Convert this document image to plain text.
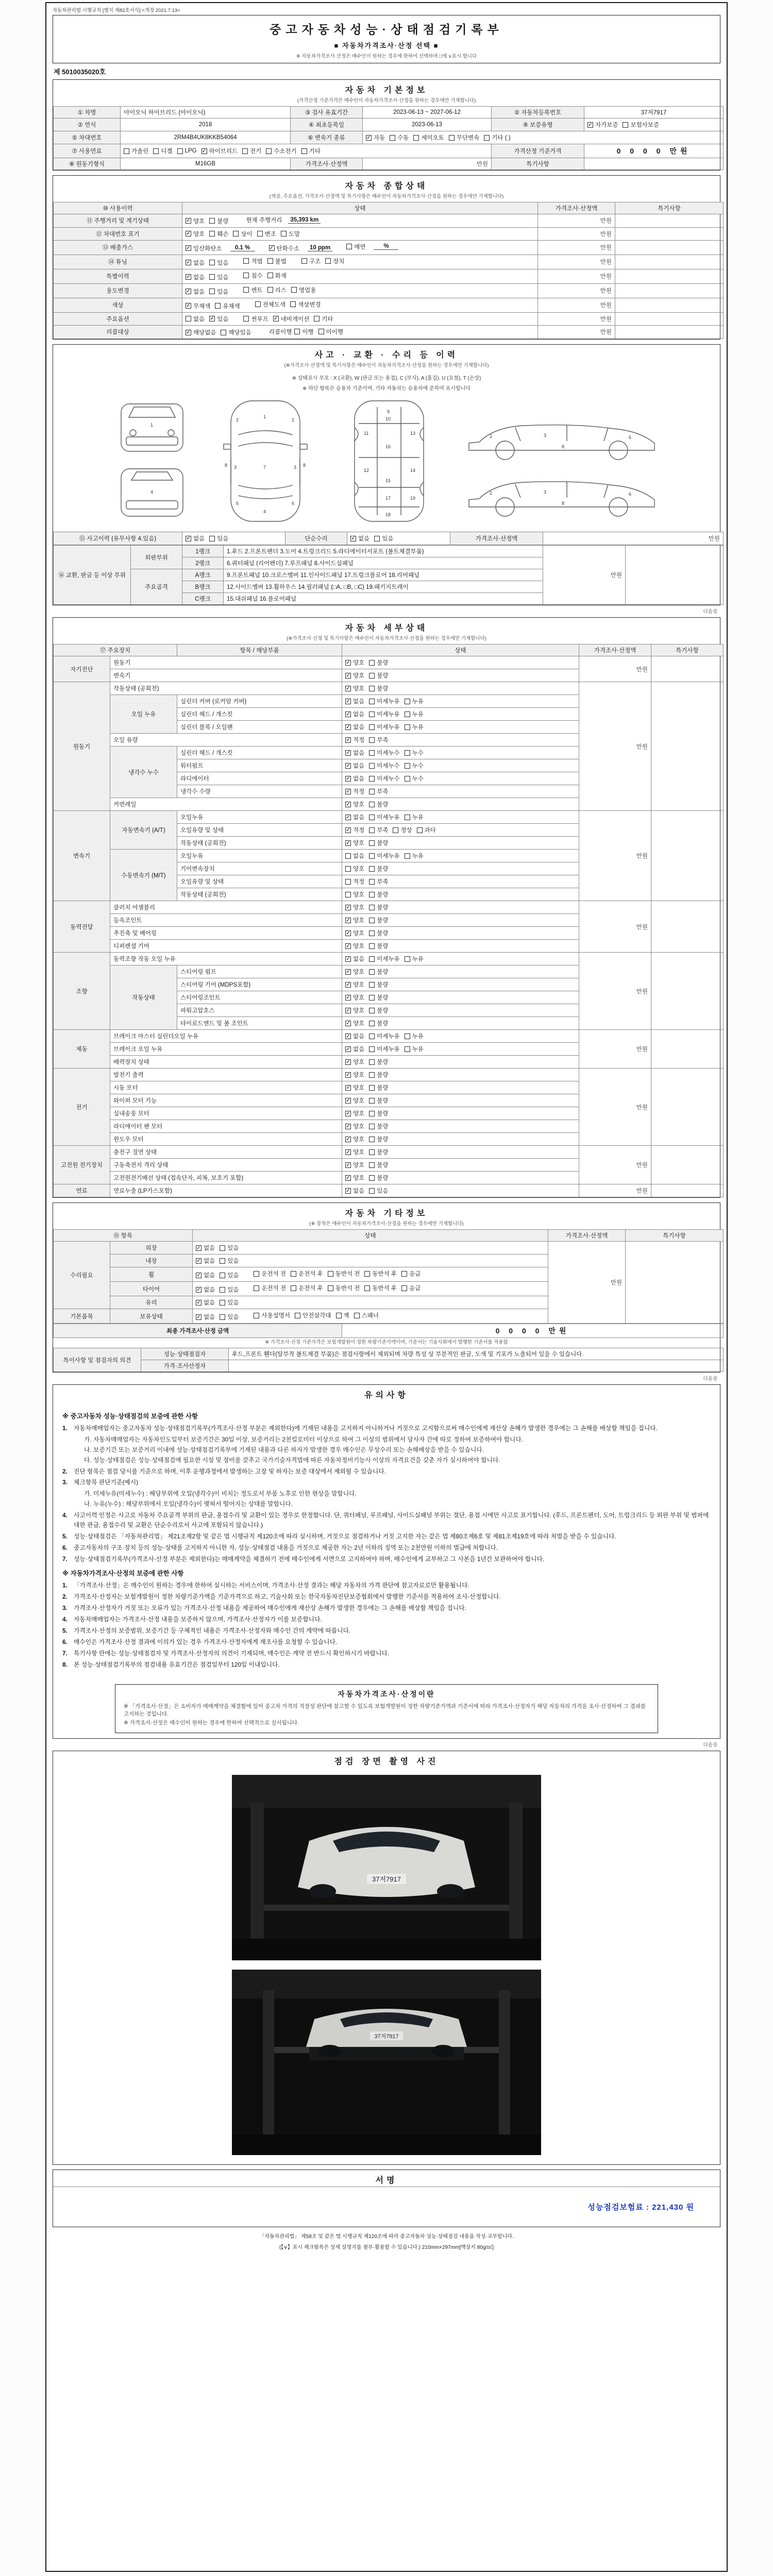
자동차관리법 시행규칙 [별지 제82호서식] <개정 2021.7.13>
중고자동차성능·상태점검기록부
■ 자동차가격조사·산정 선택 ■
※ 자동차가격조사·산정은 매수인이 원하는 경우에 한하여 선택하며 □에 ∨표시 합니다
제 5010035020호
자동차 기본정보
(가격산정 기준가격은 매수인이 자동차가격조사·산정을 원하는 경우에만 기재합니다)
① 차명	아이오닉 하이브리드 (아이오닉)	③ 검사 유효기간	2023-06-13 ~ 2027-06-12	② 자동차등록번호	37저7917
② 연식	2018	④ 최초등록일	2023-06-13	⑨ 보증유형	✓ 자가보증 보험사보증

⑤ 차대번호	2RM4B4UK8KKB54064	⑥ 변속기 종류	✓ 자동 수동 세미오토 무단변속 기타 ( )

⑦ 사용연료	가솔린 디젤 LPG ✓ 하이브리드 전기 수소전기 기타	가격산정 기준가격	0 0 0 0 만원
⑧ 원동기형식	M16GB	가격조사·산정액	만원	특기사항	
자동차 종합상태
(색상, 주요옵션, 가격조사·산정액 및 특기사항은 매수인이 자동차가격조사·산정을 원하는 경우에만 기재합니다)
⑩ 사용이력	상태	가격조사·산정액	특기사항
⑪ 주행거리 및 계기상태	✓ 양호 불량 현재 주행거리 35,393 km	만원	
⑫ 차대번호 표기	✓ 양호 훼손 상이 변조 도말	만원	
⑬ 배출가스	✓ 일산화탄소	0.1 %	✓ 탄화수소	10 ppm	매연	%	만원	
⑭ 튜닝	✓ 없음 있음	적법 불법	구조 장치	만원	
특별이력	✓ 없음 있음 침수 화재	만원	
용도변경	✓ 없음 있음	렌트 리스 영업용	만원	
색상	✓ 무채색 유채색 전체도색 색상변경	만원	
주요옵션	없음 ✓ 있음	썬루프 ✓ 네비게이션 기타	만원	
리콜대상	✓ 해당없음 해당있음	리콜이행 이행 미이행	만원	
사고 · 교환 · 수리 등 이력
(※가격조사·산정액 및 특기사항은 매수인이 자동차가격조사·산정을 원하는 경우에만 기재합니다)
※ 상태표시 부호 : X (교환), W (판금 또는 용접), C (부식), A (흠집), U (요철), T (손상)
※ 하단 항목은 승용차 기준이며, 기타 자동차는 승용차에 준하여 표시합니다
1
4
1
7
4
2	2
3	3
6	6
8	8
9
10
11	13
16
12	14
15
17
18
19
2	3	6
8
2	3	6
8
⑮ 사고이력 (유무사항 4.있음)	✓ 없음 있음	단순수리	✓ 없음 있음	가격조사·산정액	만원
⑯ 교환, 판금 등 이상 부위	외판부위	1랭크	1.후드 2.프론트펜더 3.도어 4.트렁크리드 5.라디에이터서포트 (볼트체결부품)	만원	
		2랭크	6.쿼터패널 (리어펜더) 7.루프패널 8.사이드실패널		
	주요골격	A랭크	9.프론트패널 10.크로스멤버 11.인사이드패널 17.트렁크플로어 18.리어패널		
		B랭크	12.사이드멤버 13.휠하우스 14.필러패널 (□A, □B, □C) 19.패키지트레이		
		C랭크	15.대쉬패널 16.플로어패널		
다음장
자동차 세부상태
(※가격조사·산정 및 특기사항은 매수인이 자동차가격조사·산정을 원하는 경우에만 기재합니다)
⑰ 주요장치		항목 / 해당부품	상태	가격조사·산정액	특기사항
자기진단	원동기		✓ 양호 불량	만원	
	변속기		✓ 양호 불량		

원동기	작동상태 (공회전)		✓ 양호 불량	만원	
	오일 누유	실린더 커버 (로커암 커버)	✓ 없음 미세누유 누유		

		실린더 헤드 / 개스킷	✓ 없음 미세누유 누유		

		실린더 블록 / 오일팬	✓ 없음 미세누유 누유		

	오일 유량		✓ 적정 부족		

	냉각수 누수	실린더 헤드 / 개스킷	✓ 없음 미세누수 누수		

		워터펌프	✓ 없음 미세누수 누수		

		라디에이터	✓ 없음 미세누수 누수		

		냉각수 수량	✓ 적정 부족		

	커먼레일		✓ 양호 불량		

변속기	자동변속기 (A/T)	오일누유	✓ 없음 미세누유 누유	만원	
		오일유량 및 상태	✓ 적정 부족 정상 과다		

		작동상태 (공회전)	✓ 양호 불량		

	수동변속기 (M/T)	오일누유	없음 미세누유 누유		

		기어변속장치	양호 불량		

		오일유량 및 상태	적정 부족		

		작동상태 (공회전)	양호 불량		

동력전달	클러치 어셈블리		✓ 양호 불량	만원	
	등속조인트		✓ 양호 불량		

	추진축 및 베어링		✓ 양호 불량		

	디퍼렌셜 기어		✓ 양호 불량		

조향	동력조향 작동 오일 누유		✓ 없음 미세누유 누유	만원	
	작동상태	스티어링 펌프	✓ 양호 불량		

		스티어링 기어 (MDPS포함)	✓ 양호 불량		

		스티어링조인트	✓ 양호 불량		

		파워고압호스	✓ 양호 불량		

		타이로드엔드 및 볼 조인트	✓ 양호 불량		

제동	브레이크 마스터 실린더오일 누유		✓ 없음 미세누유 누유	만원	
	브레이크 오일 누유		✓ 없음 미세누유 누유		

	배력장치 상태		✓ 양호 불량		

전기	발전기 출력		✓ 양호 불량	만원	
	시동 모터		✓ 양호 불량		

	와이퍼 모터 기능		✓ 양호 불량		

	실내송풍 모터		✓ 양호 불량		

	라디에이터 팬 모터		✓ 양호 불량		

	윈도우 모터		✓ 양호 불량		

고전원 전기장치	충전구 절연 상태		✓ 양호 불량	만원	
	구동축전지 격리 상태		✓ 양호 불량		

	고전원전기배선 상태 (접속단자, 피복, 보호기 포함)		✓ 양호 불량		

연료	연료누출 (LP가스포함)		✓ 없음 있음	만원	
자동차 기타정보
(※ 장착은 매수인이 자동차가격조사·산정을 원하는 경우에만 기재합니다)
⑱ 항목		상태	가격조사·산정액	특기사항
수리필요	외장	✓ 없음 있음	만원	
	내장	✓ 없음 있음		

휠	✓ 없음 있음	운전석 전 운전석 후 동반석 전 동반석 후 응급

타이어	✓ 없음 있음	운전석 전 운전석 후 동반석 전 동반석 후 응급

	유리	✓ 없음 있음		

기본품목	보유상태	✓ 없음 있음	사용설명서 안전삼각대 잭 스패너
최종 가격조사·산정 금액	0 0 0 0 만원
※ 가격조사·산정 기준가격은 보험개발원이 정한 차량기준가액이며, 기준서는 기술사회에서 발행한 기준서를 적용함
특이사항 및 점검자의 의견	성능·상태점검자	후드,프론트 휀다(탈부착 볼트체결 부품)은 점검사항에서 제외되며 차량 특성 상 부분적인 판금, 도색 및 기포가 노출되어 있을 수 있습니다.
	가격·조사산정자	
다음장
유의사항
※ 중고자동차 성능·상태점검의 보증에 관한 사항
1.	자동차매매업자는 중고자동차 성능·상태점검기록부(가격조사·산정 부분은 제외한다)에 기재된 내용을 고지하지 아니하거나 거짓으로 고지함으로써 매수인에게 재산상 손해가 발생한 경우에는 그 손해를 배상할 책임을 집니다.
가. 자동차매매업자는 자동차인도일부터 보증기간은 30일 이상, 보증거리는 2천킬로미터 이상으로 하여 그 이상의 범위에서 당사자 간에 따로 정하여 보증하여야 합니다.
나. 보증기간 또는 보증거리 이내에 성능·상태점검기록부에 기재된 내용과 다른 하자가 발생한 경우 매수인은 무상수리 또는 손해배상을 받을 수 있습니다.
다. 성능·상태점검은 성능·상태점검에 필요한 시설 및 장비를 갖추고 국가기술자격법에 따른 자동차정비기능사 이상의 자격요건을 갖춘 자가 실시하여야 합니다.
2.	진단 항목은 점검 당시를 기준으로 하며, 이후 운행과정에서 발생하는 고장 및 하자는 보증 대상에서 제외될 수 있습니다.
3.	체크항목 판단기준(예시)
가. 미세누유(미세누수) : 해당부위에 오일(냉각수)이 비치는 정도로서 부품 노후로 인한 현상을 말합니다.
나. 누유(누수) : 해당부위에서 오일(냉각수)이 맺혀서 떨어지는 상태를 말합니다.
4.	사고이력 인정은 사고로 자동차 주요골격 부위의 판금, 용접수리 및 교환이 있는 경우로 한정합니다. 단, 쿼터패널, 루프패널, 사이드실패널 부위는 절단, 용접 시에만 사고로 표기합니다. (후드, 프론트펜더, 도어, 트렁크리드 등 외판 부위 및 범퍼에 대한 판금, 용접수리 및 교환은 단순수리로서 사고에 포함되지 않습니다.)
5.	성능·상태점검은 「자동차관리법」 제21조제2항 및 같은 법 시행규칙 제120조에 따라 실시하며, 거짓으로 점검하거나 거짓 고지한 자는 같은 법 제80조제6호 및 제81조제19호에 따라 처벌을 받을 수 있습니다.
6.	중고자동차의 구조·장치 등의 성능·상태를 고지하지 아니한 자, 성능·상태점검 내용을 거짓으로 제공한 자는 2년 이하의 징역 또는 2천만원 이하의 벌금에 처합니다.
7.	성능·상태점검기록부(가격조사·산정 부분은 제외한다)는 매매계약을 체결하기 전에 매수인에게 서면으로 고지하여야 하며, 매수인에게 교부하고 그 사본을 1년간 보관하여야 합니다.
※ 자동차가격조사·산정의 보증에 관한 사항
1.	「가격조사·산정」은 매수인이 원하는 경우에 한하여 실시하는 서비스이며, 가격조사·산정 결과는 해당 자동차의 가격 판단에 참고자료로만 활용됩니다.
2.	가격조사·산정자는 보험개발원이 정한 차량기준가액을 기준가격으로 하고, 기술사회 또는 한국자동차진단보증협회에서 발행한 기준서를 적용하여 조사·산정합니다.
3.	가격조사·산정자가 거짓 또는 오류가 있는 가격조사·산정 내용을 제공하여 매수인에게 재산상 손해가 발생한 경우에는 그 손해를 배상할 책임을 집니다.
4.	자동차매매업자는 가격조사·산정 내용을 보증하지 않으며, 가격조사·산정자가 이를 보증합니다.
5.	가격조사·산정의 보증범위, 보증기간 등 구체적인 내용은 가격조사·산정자와 매수인 간의 계약에 따릅니다.
6.	매수인은 가격조사·산정 결과에 이의가 있는 경우 가격조사·산정자에게 재조사를 요청할 수 있습니다.
7.	특기사항 란에는 성능·상태점검자 및 가격조사·산정자의 의견이 기재되며, 매수인은 계약 전 반드시 확인하시기 바랍니다.
8.	본 성능·상태점검기록부의 점검내용 유효기간은 점검일부터 120일 이내입니다.
자동차가격조사·산정이란
※ 「가격조사·산정」은 소비자가 매매계약을 체결함에 있어 중고차 가격의 적절성 판단에 참고할 수 있도록 보험개발원이 정한 차량기준가액과 기준서에 따라 가격조사·산정자가 해당 자동차의 가격을 조사·산정하여 그 결과를 고지하는 것입니다.
※ 가격조사·산정은 매수인이 원하는 경우에 한하여 선택적으로 실시됩니다.
다음장
점검 장면 촬영 사진
37저7917
37저7917
서명
성능점검보험료 : 221,430 원
「자동차관리법」 제58조 및 같은 법 시행규칙 제120조에 따라 중고자동차 성능·상태점검 내용을 작성·교부합니다.
(【∨】표시 체크항목은 상세 설명지를 첨부·활용할 수 있습니다.) 210mm×297mm[백상지 80g/㎡]
